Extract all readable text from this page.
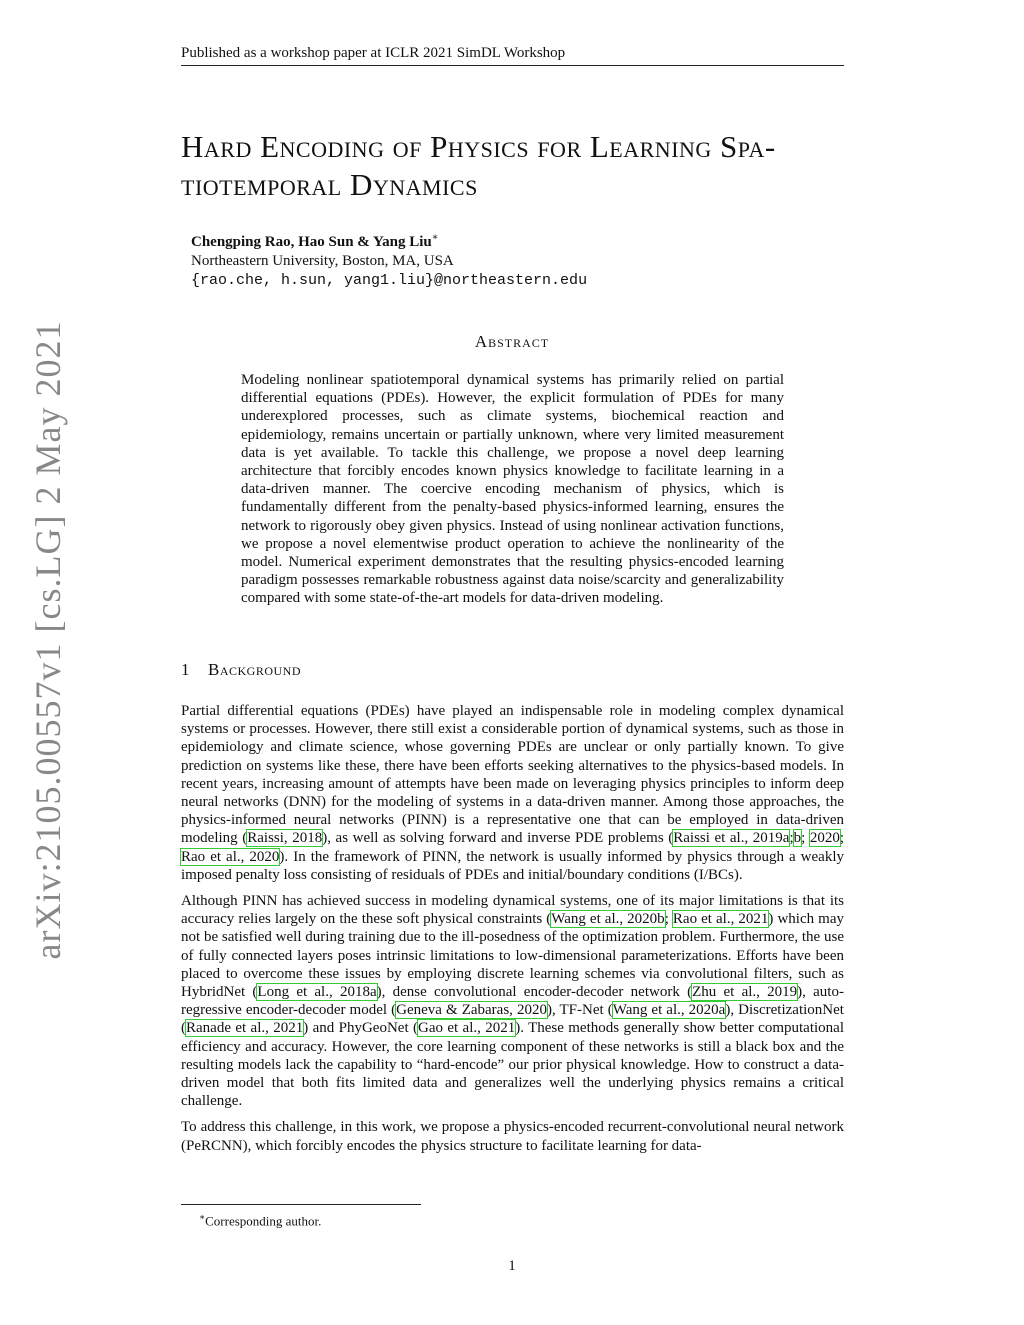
Published as a workshop paper at ICLR 2021 SimDL Workshop
arXiv:2105.00557v1 [cs.LG] 2 May 2021
Hard Encoding of Physics for Learning Spa-
tiotemporal Dynamics
Chengping Rao, Hao Sun & Yang Liu∗
Northeastern University, Boston, MA, USA
{rao.che, h.sun, yang1.liu}@northeastern.edu
Abstract
Modeling nonlinear spatiotemporal dynamical systems has primarily relied on partial differential equations (PDEs). However, the explicit formulation of PDEs for many underexplored processes, such as climate systems, biochemical reaction and epidemiology, remains uncertain or partially unknown, where very limited measurement data is yet available. To tackle this challenge, we propose a novel deep learning architecture that forcibly encodes known physics knowledge to facilitate learning in a data-driven manner. The coercive encoding mechanism of physics, which is fundamentally different from the penalty-based physics-informed learning, ensures the network to rigorously obey given physics. Instead of using nonlinear activation functions, we propose a novel elementwise product operation to achieve the nonlinearity of the model. Numerical experiment demonstrates that the resulting physics-encoded learning paradigm possesses remarkable robustness against data noise/scarcity and generalizability compared with some state-of-the-art models for data-driven modeling.
1 Background

Partial differential equations (PDEs) have played an indispensable role in modeling complex dynamical systems or processes. However, there still exist a considerable portion of dynamical systems, such as those in epidemiology and climate science, whose governing PDEs are unclear or only partially known. To give prediction on systems like these, there have been efforts seeking alternatives to the physics-based models. In recent years, increasing amount of attempts have been made on leveraging physics principles to inform deep neural networks (DNN) for the modeling of systems in a data-driven manner. Among those approaches, the physics-informed neural networks (PINN) is a representative one that can be employed in data-driven modeling (Raissi, 2018), as well as solving forward and inverse PDE problems (Raissi et al., 2019a;b; 2020; Rao et al., 2020). In the framework of PINN, the network is usually informed by physics through a weakly imposed penalty loss consisting of residuals of PDEs and initial/boundary conditions (I/BCs).

Although PINN has achieved success in modeling dynamical systems, one of its major limitations is that its accuracy relies largely on the these soft physical constraints (Wang et al., 2020b; Rao et al., 2021) which may not be satisfied well during training due to the ill-posedness of the optimization problem. Furthermore, the use of fully connected layers poses intrinsic limitations to low-dimensional parameterizations. Efforts have been placed to overcome these issues by employing discrete learning schemes via convolutional filters, such as HybridNet (Long et al., 2018a), dense convolutional encoder-decoder network (Zhu et al., 2019), auto-regressive encoder-decoder model (Geneva & Zabaras, 2020), TF-Net (Wang et al., 2020a), DiscretizationNet (Ranade et al., 2021) and PhyGeoNet (Gao et al., 2021). These methods generally show better computational efficiency and accuracy. However, the core learning component of these networks is still a black box and the resulting models lack the capability to “hard-encode” our prior physical knowledge. How to construct a data-driven model that both fits limited data and generalizes well the underlying physics remains a critical challenge.

To address this challenge, in this work, we propose a physics-encoded recurrent-convolutional neural network (PeRCNN), which forcibly encodes the physics structure to facilitate learning for data-

∗Corresponding author.
1
